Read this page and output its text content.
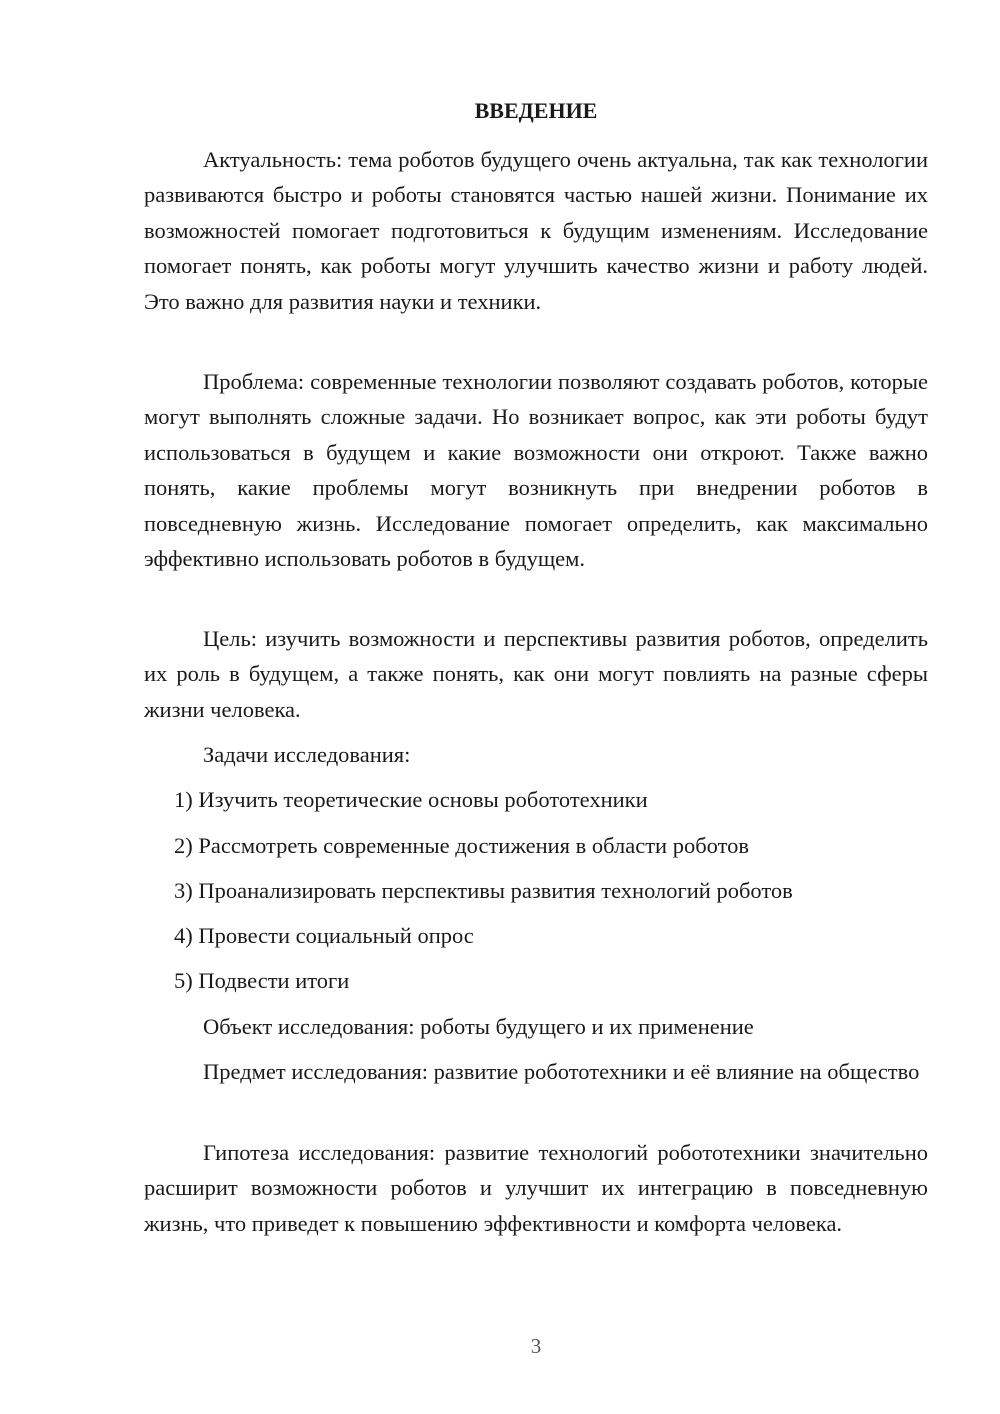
ВВЕДЕНИЕ

Актуальность: тема роботов будущего очень актуальна, так как технологии развиваются быстро и роботы становятся частью нашей жизни. Понимание их возможностей помогает подготовиться к будущим изменениям. Исследование помогает понять, как роботы могут улучшить качество жизни и работу людей. Это важно для развития науки и техники.

Проблема: современные технологии позволяют создавать роботов, которые могут выполнять сложные задачи. Но возникает вопрос, как эти роботы будут использоваться в будущем и какие возможности они откроют. Также важно понять, какие проблемы могут возникнуть при внедрении роботов в повседневную жизнь. Исследование помогает определить, как максимально эффективно использовать роботов в будущем.

Цель: изучить возможности и перспективы развития роботов, определить их роль в будущем, а также понять, как они могут повлиять на разные сферы жизни человека.

Задачи исследования:

1) Изучить теоретические основы робототехники

2) Рассмотреть современные достижения в области роботов

3) Проанализировать перспективы развития технологий роботов

4) Провести социальный опрос

5) Подвести итоги

Объект исследования: роботы будущего и их применение

Предмет исследования: развитие робототехники и её влияние на общество

Гипотеза исследования: развитие технологий робототехники значительно расширит возможности роботов и улучшит их интеграцию в повседневную жизнь, что приведет к повышению эффективности и комфорта человека.

3
